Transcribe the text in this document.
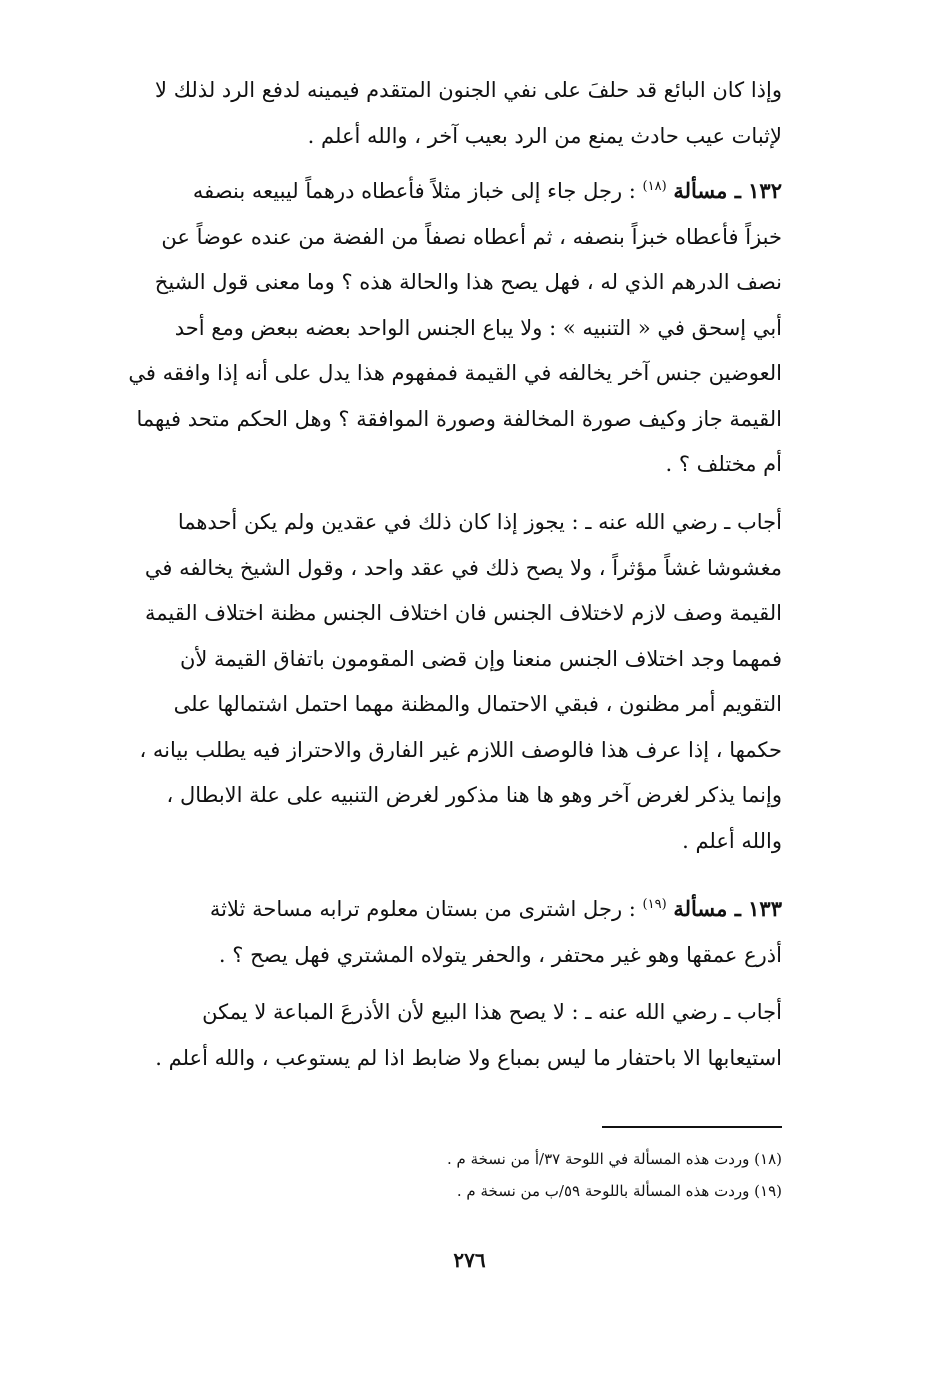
وإذا كان البائع قد حلفَ على نفي الجنون المتقدم فيمينه لدفع الرد لذلك لا

لإثبات عيب حادث يمنع من الرد بعيب آخر ، والله أعلم .

١٣٢ ـ مسألة $^{(١٨)}$ : رجل جاء إلى خباز مثلاً فأعطاه درهماً ليبيعه بنصفه

خبزاً فأعطاه خبزاً بنصفه ، ثم أعطاه نصفاً من الفضة من عنده عوضاً عن

نصف الدرهم الذي له ، فهل يصح هذا والحالة هذه ؟ وما معنى قول الشيخ

أبي إسحق في « التنبيه » : ولا يباع الجنس الواحد بعضه ببعض ومع أحد

العوضين جنس آخر يخالفه في القيمة فمفهوم هذا يدل على أنه إذا وافقه في

القيمة جاز وكيف صورة المخالفة وصورة الموافقة ؟ وهل الحكم متحد فيهما

أم مختلف ؟ .

أجاب ـ رضي الله عنه ـ : يجوز إذا كان ذلك في عقدين ولم يكن أحدهما

مغشوشا غشاً مؤثراً ، ولا يصح ذلك في عقد واحد ، وقول الشيخ يخالفه في

القيمة وصف لازم لاختلاف الجنس فان اختلاف الجنس مظنة اختلاف القيمة

فمهما وجد اختلاف الجنس منعنا وإن قضى المقومون باتفاق القيمة لأن

التقويم أمر مظنون ، فبقي الاحتمال والمظنة مهما احتمل اشتمالها على

حكمها ، إذا عرف هذا فالوصف اللازم غير الفارق والاحتراز فيه يطلب بيانه ،

وإنما يذكر لغرض آخر وهو ها هنا مذكور لغرض التنبيه على علة الابطال ،

والله أعلم .

١٣٣ ـ مسألة $^{(١٩)}$ : رجل اشترى من بستان معلوم ترابه مساحة ثلاثة

أذرع عمقها وهو غير محتفر ، والحفر يتولاه المشتري فهل يصح ؟ .

أجاب ـ رضي الله عنه ـ : لا يصح هذا البيع لأن الأذرعَ المباعة لا يمكن

استيعابها الا باحتفار ما ليس بمباع ولا ضابط اذا لم يستوعب ، والله أعلم .

(١٨) وردت هذه المسألة في اللوحة ٣٧/أ من نسخة م .

(١٩) وردت هذه المسألة باللوحة ٥٩/ب من نسخة م .

٢٧٦
